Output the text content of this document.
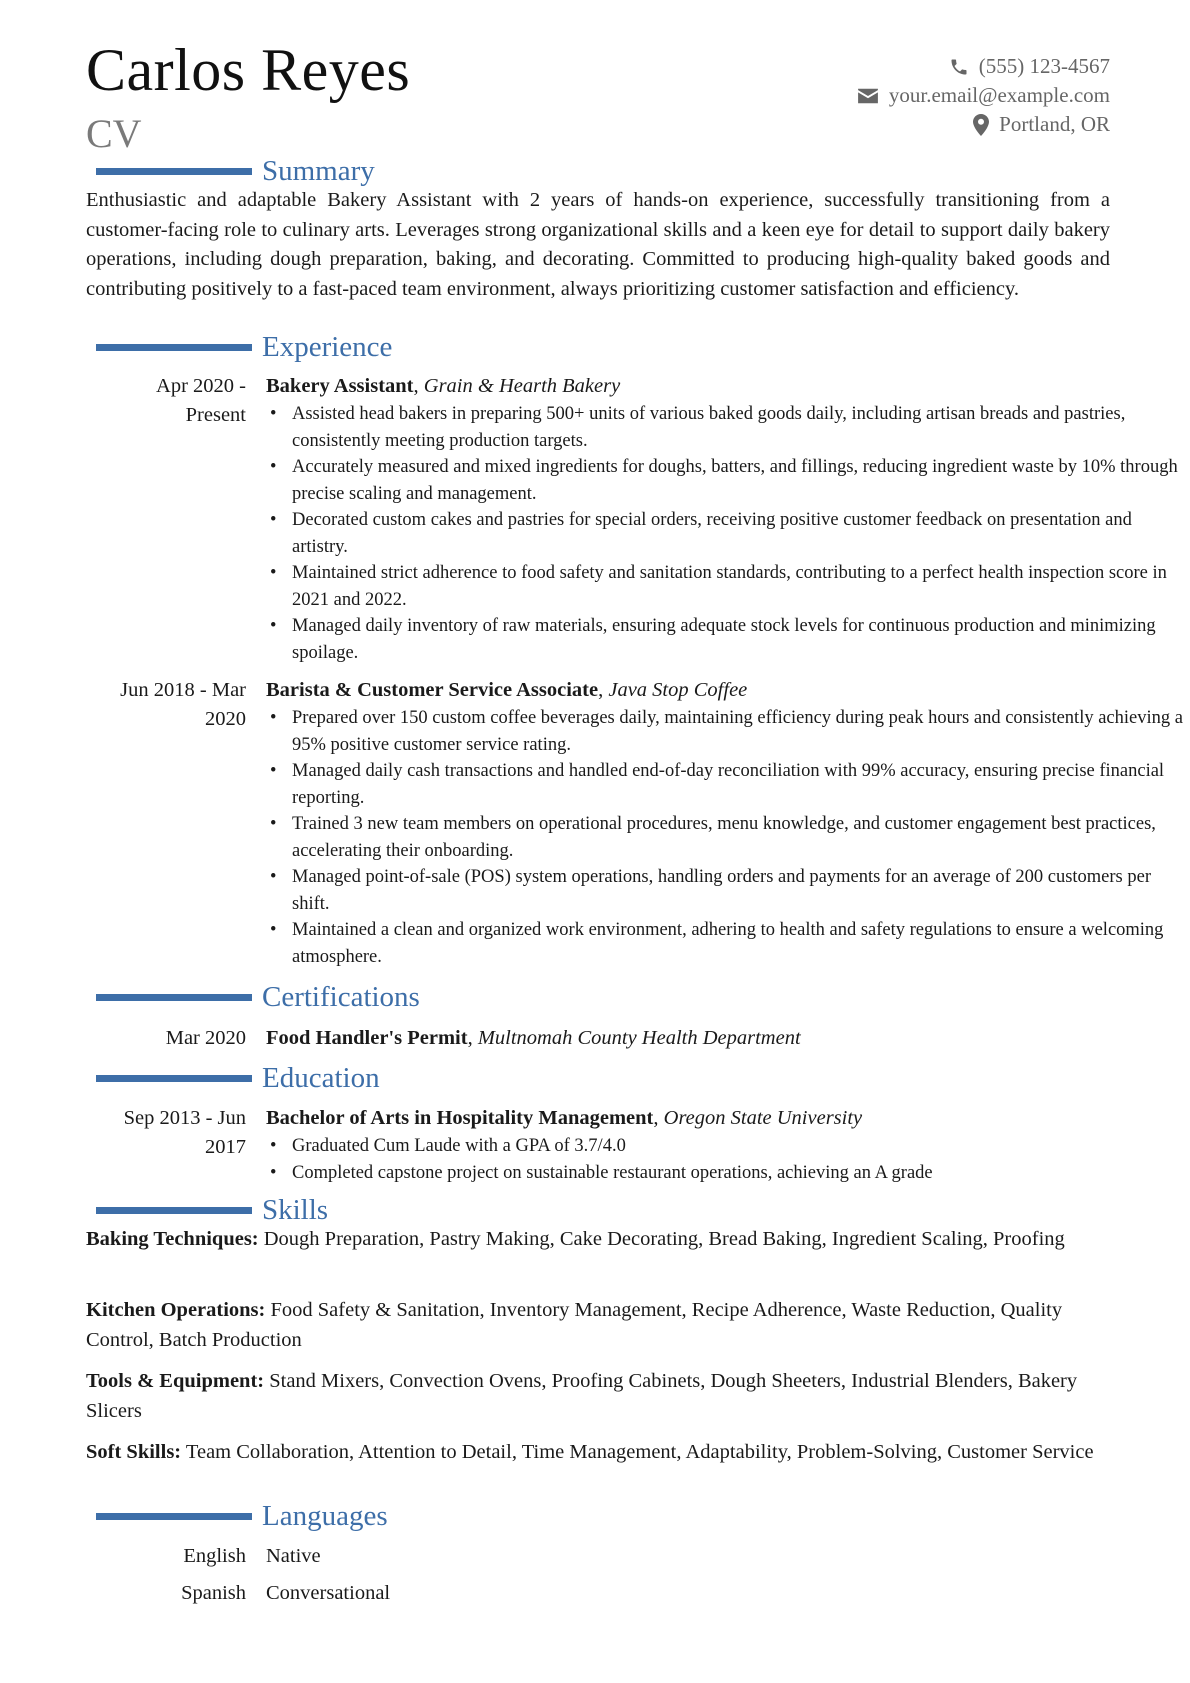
Carlos Reyes
CV
(555) 123-4567
your.email@example.com
Portland, OR
Summary
Enthusiastic and adaptable Bakery Assistant with 2 years of hands-on experience, successfully transitioning from a customer-facing role to culinary arts. Leverages strong organizational skills and a keen eye for detail to support daily bakery operations, including dough preparation, baking, and decorating. Committed to producing high-quality baked goods and contributing positively to a fast-paced team environment, always prioritizing customer satisfaction and efficiency.
Experience
Apr 2020 -
Present
Bakery Assistant, Grain & Hearth Bakery
• Assisted head bakers in preparing 500+ units of various baked goods daily, including artisan breads and pastries, consistently meeting production targets.
• Accurately measured and mixed ingredients for doughs, batters, and fillings, reducing ingredient waste by 10% through precise scaling and management.
• Decorated custom cakes and pastries for special orders, receiving positive customer feedback on presentation and artistry.
• Maintained strict adherence to food safety and sanitation standards, contributing to a perfect health inspection score in 2021 and 2022.
• Managed daily inventory of raw materials, ensuring adequate stock levels for continuous production and minimizing spoilage.
Jun 2018 - Mar
2020
Barista & Customer Service Associate, Java Stop Coffee
• Prepared over 150 custom coffee beverages daily, maintaining efficiency during peak hours and consistently achieving a 95% positive customer service rating.
• Managed daily cash transactions and handled end-of-day reconciliation with 99% accuracy, ensuring precise financial reporting.
• Trained 3 new team members on operational procedures, menu knowledge, and customer engagement best practices, accelerating their onboarding.
• Managed point-of-sale (POS) system operations, handling orders and payments for an average of 200 customers per shift.
• Maintained a clean and organized work environment, adhering to health and safety regulations to ensure a welcoming atmosphere.
Certifications
Mar 2020 Food Handler's Permit, Multnomah County Health Department
Education
Sep 2013 - Jun
2017
Bachelor of Arts in Hospitality Management, Oregon State University
• Graduated Cum Laude with a GPA of 3.7/4.0
• Completed capstone project on sustainable restaurant operations, achieving an A grade
Skills
Baking Techniques: Dough Preparation, Pastry Making, Cake Decorating, Bread Baking, Ingredient Scaling, Proofing
Kitchen Operations: Food Safety & Sanitation, Inventory Management, Recipe Adherence, Waste Reduction, Quality Control, Batch Production
Tools & Equipment: Stand Mixers, Convection Ovens, Proofing Cabinets, Dough Sheeters, Industrial Blenders, Bakery Slicers
Soft Skills: Team Collaboration, Attention to Detail, Time Management, Adaptability, Problem-Solving, Customer Service
Languages
English Native
Spanish Conversational
